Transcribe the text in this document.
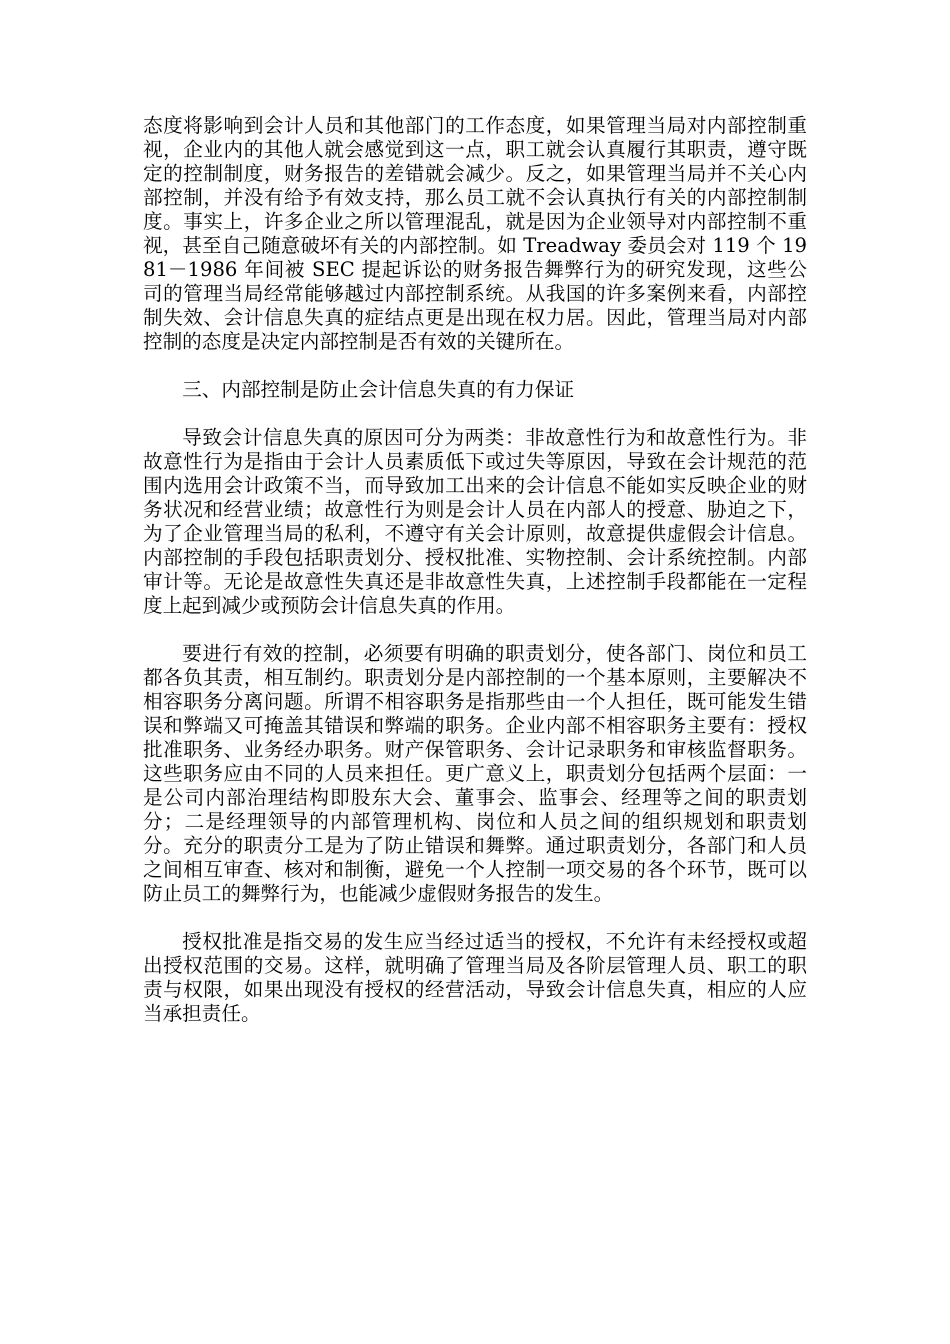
态度将影响到会计人员和其他部门的工作态度，如果管理当局对内部控制重视，企业内的其他人就会感觉到这一点，职工就会认真履行其职责，遵守既定的控制制度，财务报告的差错就会减少。反之，如果管理当局并不关心内部控制，并没有给予有效支持，那么员工就不会认真执行有关的内部控制制度。事实上，许多企业之所以管理混乱，就是因为企业领导对内部控制不重视，甚至自己随意破坏有关的内部控制。如 Treadway 委员会对 119 个 1981－1986 年间被 SEC 提起诉讼的财务报告舞弊行为的研究发现，这些公司的管理当局经常能够越过内部控制系统。从我国的许多案例来看，内部控制失效、会计信息失真的症结点更是出现在权力居。因此，管理当局对内部控制的态度是决定内部控制是否有效的关键所在。

三、内部控制是防止会计信息失真的有力保证

导致会计信息失真的原因可分为两类：非故意性行为和故意性行为。非故意性行为是指由于会计人员素质低下或过失等原因，导致在会计规范的范围内选用会计政策不当，而导致加工出来的会计信息不能如实反映企业的财务状况和经营业绩；故意性行为则是会计人员在内部人的授意、胁迫之下，为了企业管理当局的私利，不遵守有关会计原则，故意提供虚假会计信息。内部控制的手段包括职责划分、授权批准、实物控制、会计系统控制。内部审计等。无论是故意性失真还是非故意性失真，上述控制手段都能在一定程度上起到减少或预防会计信息失真的作用。

要进行有效的控制，必须要有明确的职责划分，使各部门、岗位和员工都各负其责，相互制约。职责划分是内部控制的一个基本原则，主要解决不相容职务分离问题。所谓不相容职务是指那些由一个人担任，既可能发生错误和弊端又可掩盖其错误和弊端的职务。企业内部不相容职务主要有：授权批准职务、业务经办职务。财产保管职务、会计记录职务和审核监督职务。这些职务应由不同的人员来担任。更广意义上，职责划分包括两个层面：一是公司内部治理结构即股东大会、董事会、监事会、经理等之间的职责划分；二是经理领导的内部管理机构、岗位和人员之间的组织规划和职责划分。充分的职责分工是为了防止错误和舞弊。通过职责划分，各部门和人员之间相互审查、核对和制衡，避免一个人控制一项交易的各个环节，既可以防止员工的舞弊行为，也能减少虚假财务报告的发生。

授权批准是指交易的发生应当经过适当的授权，不允许有未经授权或超出授权范围的交易。这样，就明确了管理当局及各阶层管理人员、职工的职责与权限，如果出现没有授权的经营活动，导致会计信息失真，相应的人应当承担责任。
